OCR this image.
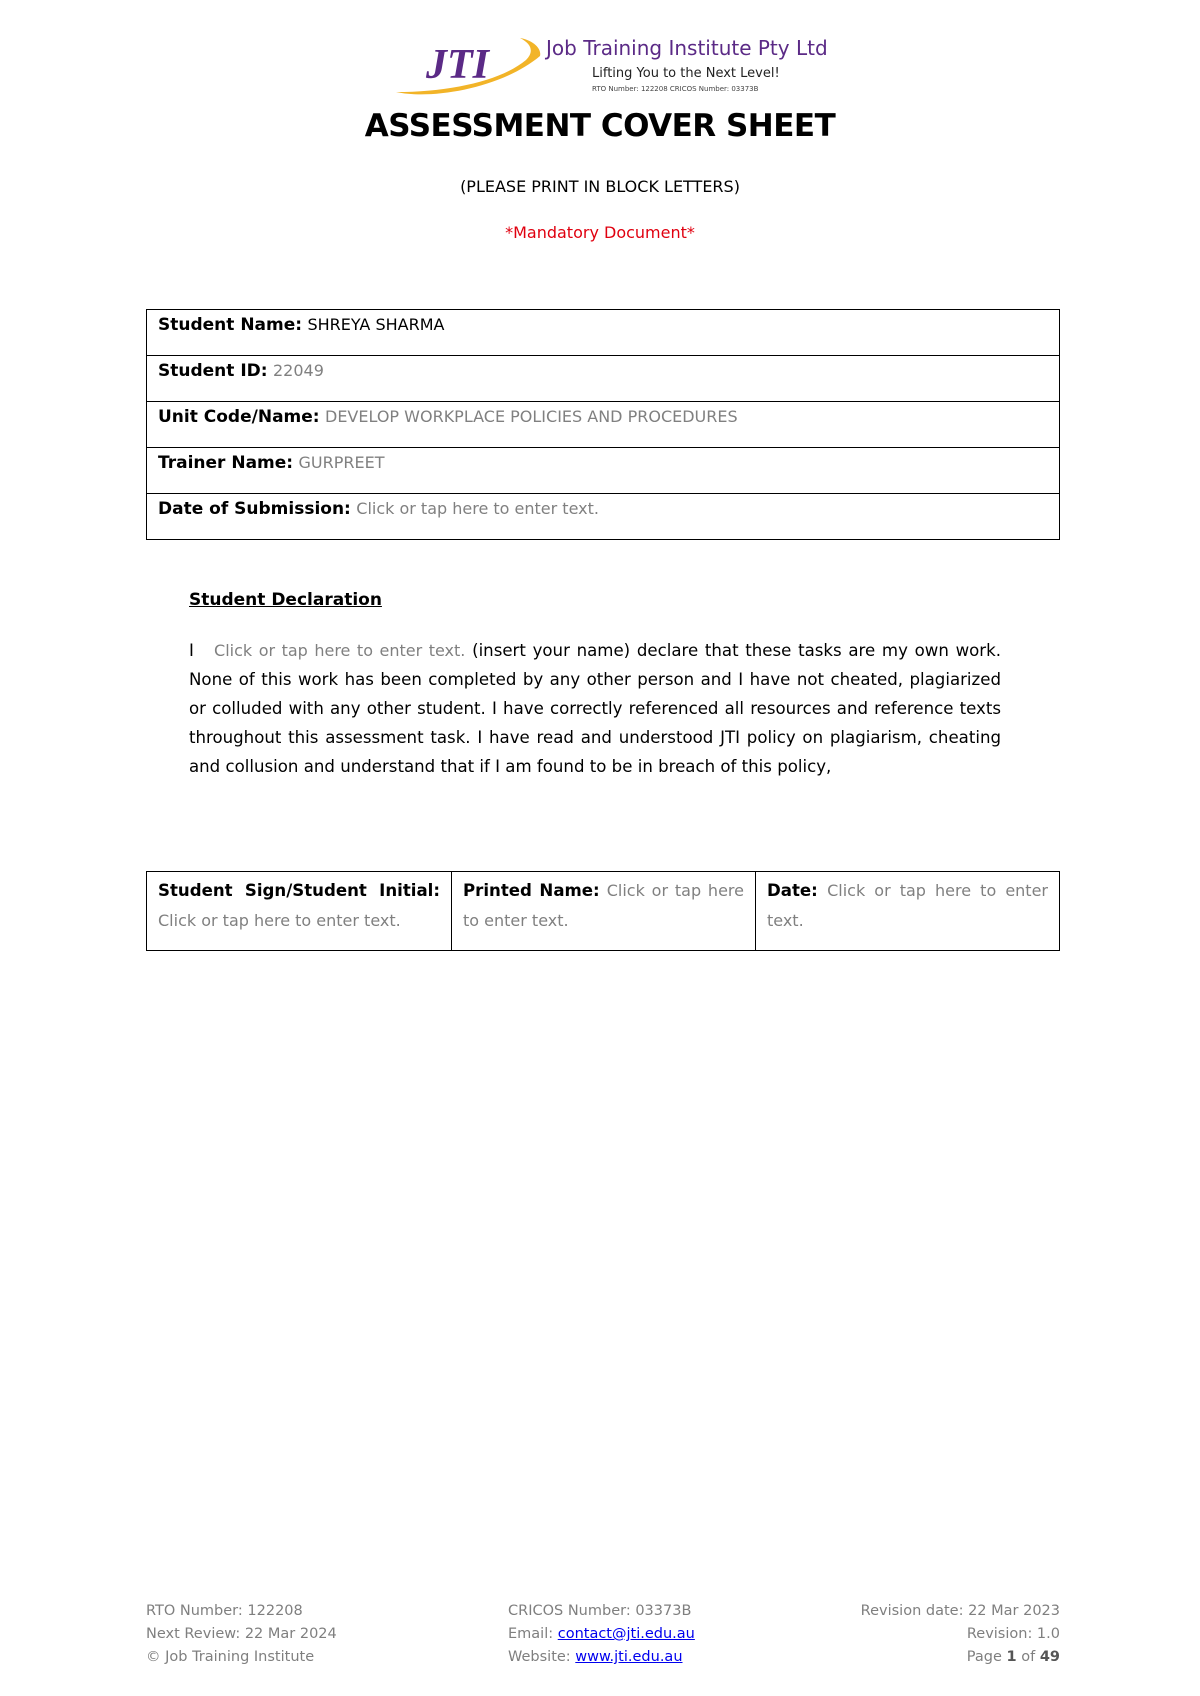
JTI	Job Training Institute Pty Ltd
Lifting You to the Next Level!
RTO Number: 122208 CRICOS Number: 03373B
ASSESSMENT COVER SHEET
(PLEASE PRINT IN BLOCK LETTERS)
*Mandatory Document*
Student Name: SHREYA SHARMA
Student ID: 22049
Unit Code/Name: DEVELOP WORKPLACE POLICIES AND PROCEDURES
Trainer Name: GURPREET
Date of Submission: Click or tap here to enter text.
Student Declaration
I Click or tap here to enter text. (insert your name) declare that these tasks are my own work. None of this work has been completed by any other person and I have not cheated, plagiarized or colluded with any other student. I have correctly referenced all resources and reference texts throughout this assessment task. I have read and understood JTI policy on plagiarism, cheating and collusion and understand that if I am found to be in breach of this policy,
Student Sign/Student Initial: Click or tap here to enter text.
Printed Name: Click or tap here to enter text.
Date: Click or tap here to enter text.
RTO Number: 122208
Next Review: 22 Mar 2024
© Job Training Institute
CRICOS Number: 03373B
Email: contact@jti.edu.au
Website: www.jti.edu.au
Revision date: 22 Mar 2023
Revision: 1.0
Page 1 of 49
